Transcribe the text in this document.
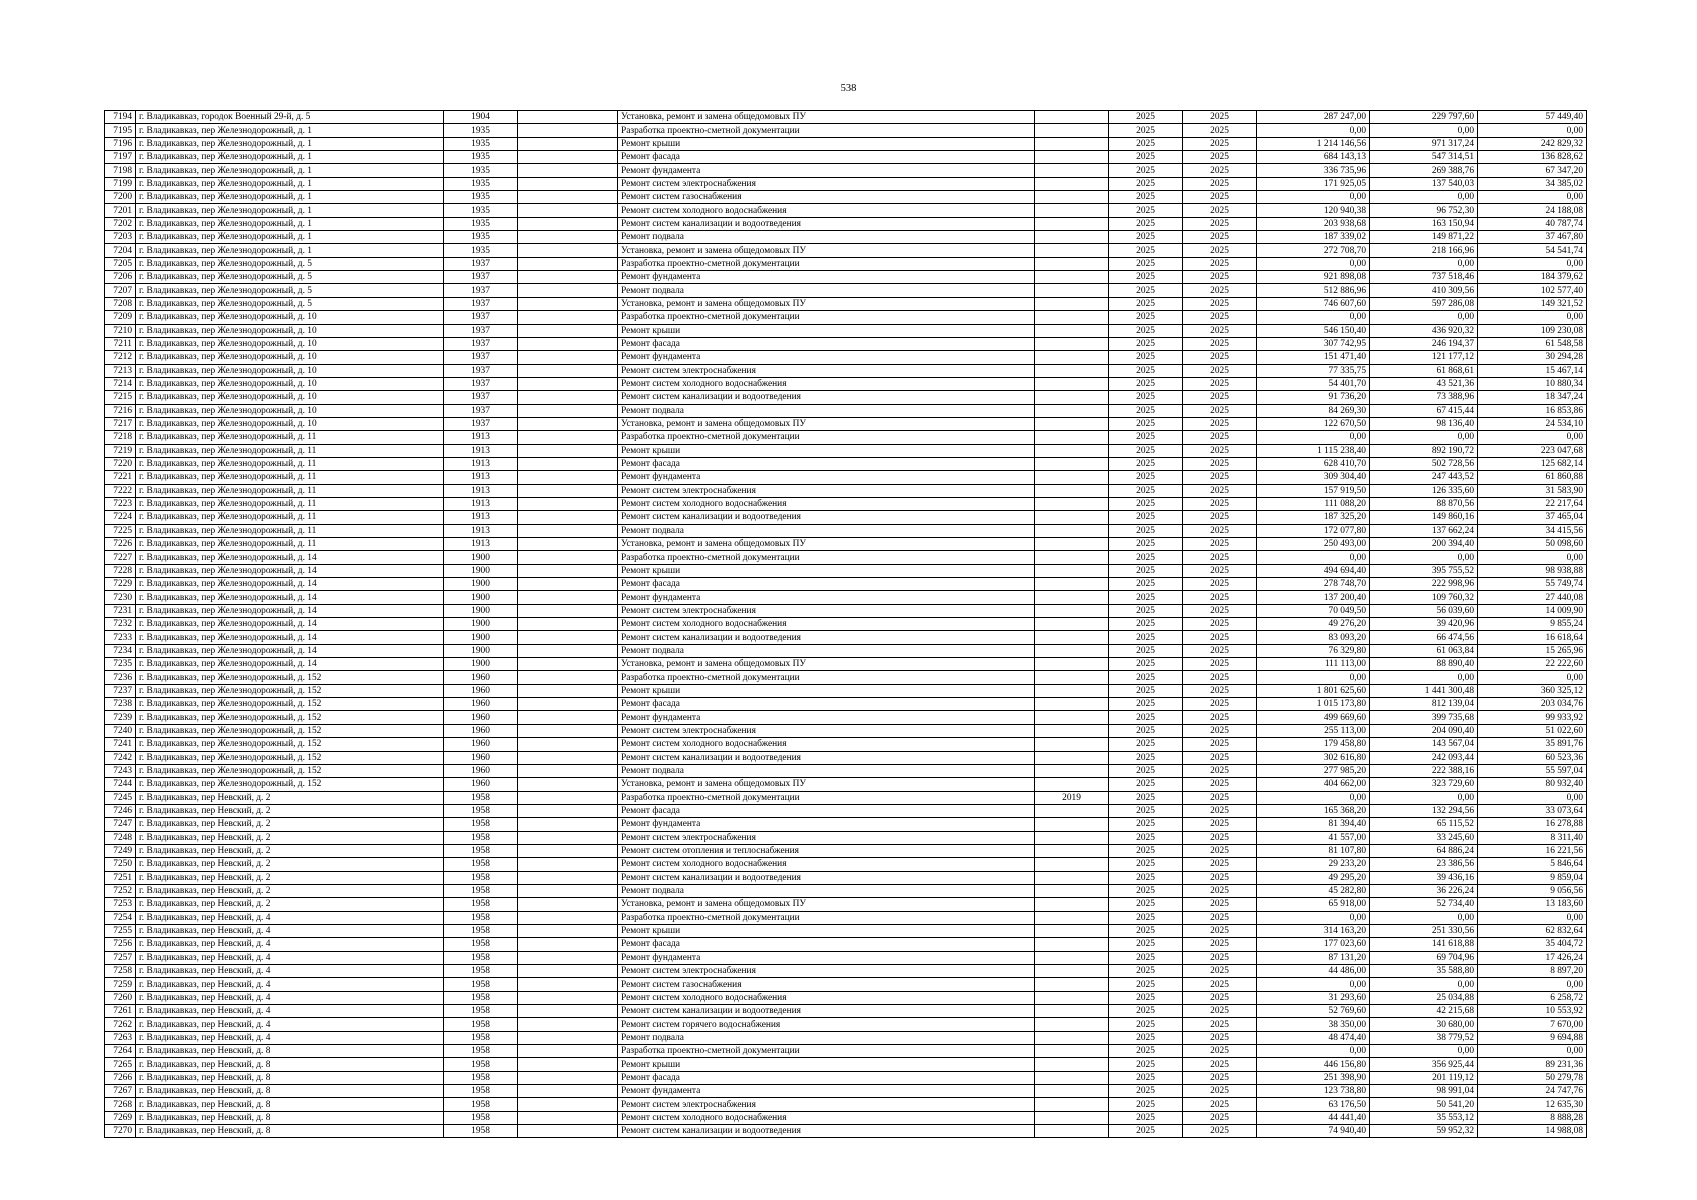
538
7194	г. Владикавказ, городок Военный 29-й, д. 5	1904		Установка, ремонт и замена общедомовых ПУ		2025	2025	287 247,00	229 797,60	57 449,40
7195	г. Владикавказ, пер Железнодорожный, д. 1	1935		Разработка проектно-сметной документации		2025	2025	0,00	0,00	0,00
7196	г. Владикавказ, пер Железнодорожный, д. 1	1935		Ремонт крыши		2025	2025	1 214 146,56	971 317,24	242 829,32
7197	г. Владикавказ, пер Железнодорожный, д. 1	1935		Ремонт фасада		2025	2025	684 143,13	547 314,51	136 828,62
7198	г. Владикавказ, пер Железнодорожный, д. 1	1935		Ремонт фундамента		2025	2025	336 735,96	269 388,76	67 347,20
7199	г. Владикавказ, пер Железнодорожный, д. 1	1935		Ремонт систем электроснабжения		2025	2025	171 925,05	137 540,03	34 385,02
7200	г. Владикавказ, пер Железнодорожный, д. 1	1935		Ремонт систем газоснабжения		2025	2025	0,00	0,00	0,00
7201	г. Владикавказ, пер Железнодорожный, д. 1	1935		Ремонт систем холодного водоснабжения		2025	2025	120 940,38	96 752,30	24 188,08
7202	г. Владикавказ, пер Железнодорожный, д. 1	1935		Ремонт систем канализации и водоотведения		2025	2025	203 938,68	163 150,94	40 787,74
7203	г. Владикавказ, пер Железнодорожный, д. 1	1935		Ремонт подвала		2025	2025	187 339,02	149 871,22	37 467,80
7204	г. Владикавказ, пер Железнодорожный, д. 1	1935		Установка, ремонт и замена общедомовых ПУ		2025	2025	272 708,70	218 166,96	54 541,74
7205	г. Владикавказ, пер Железнодорожный, д. 5	1937		Разработка проектно-сметной документации		2025	2025	0,00	0,00	0,00
7206	г. Владикавказ, пер Железнодорожный, д. 5	1937		Ремонт фундамента		2025	2025	921 898,08	737 518,46	184 379,62
7207	г. Владикавказ, пер Железнодорожный, д. 5	1937		Ремонт подвала		2025	2025	512 886,96	410 309,56	102 577,40
7208	г. Владикавказ, пер Железнодорожный, д. 5	1937		Установка, ремонт и замена общедомовых ПУ		2025	2025	746 607,60	597 286,08	149 321,52
7209	г. Владикавказ, пер Железнодорожный, д. 10	1937		Разработка проектно-сметной документации		2025	2025	0,00	0,00	0,00
7210	г. Владикавказ, пер Железнодорожный, д. 10	1937		Ремонт крыши		2025	2025	546 150,40	436 920,32	109 230,08
7211	г. Владикавказ, пер Железнодорожный, д. 10	1937		Ремонт фасада		2025	2025	307 742,95	246 194,37	61 548,58
7212	г. Владикавказ, пер Железнодорожный, д. 10	1937		Ремонт фундамента		2025	2025	151 471,40	121 177,12	30 294,28
7213	г. Владикавказ, пер Железнодорожный, д. 10	1937		Ремонт систем электроснабжения		2025	2025	77 335,75	61 868,61	15 467,14
7214	г. Владикавказ, пер Железнодорожный, д. 10	1937		Ремонт систем холодного водоснабжения		2025	2025	54 401,70	43 521,36	10 880,34
7215	г. Владикавказ, пер Железнодорожный, д. 10	1937		Ремонт систем канализации и водоотведения		2025	2025	91 736,20	73 388,96	18 347,24
7216	г. Владикавказ, пер Железнодорожный, д. 10	1937		Ремонт подвала		2025	2025	84 269,30	67 415,44	16 853,86
7217	г. Владикавказ, пер Железнодорожный, д. 10	1937		Установка, ремонт и замена общедомовых ПУ		2025	2025	122 670,50	98 136,40	24 534,10
7218	г. Владикавказ, пер Железнодорожный, д. 11	1913		Разработка проектно-сметной документации		2025	2025	0,00	0,00	0,00
7219	г. Владикавказ, пер Железнодорожный, д. 11	1913		Ремонт крыши		2025	2025	1 115 238,40	892 190,72	223 047,68
7220	г. Владикавказ, пер Железнодорожный, д. 11	1913		Ремонт фасада		2025	2025	628 410,70	502 728,56	125 682,14
7221	г. Владикавказ, пер Железнодорожный, д. 11	1913		Ремонт фундамента		2025	2025	309 304,40	247 443,52	61 860,88
7222	г. Владикавказ, пер Железнодорожный, д. 11	1913		Ремонт систем электроснабжения		2025	2025	157 919,50	126 335,60	31 583,90
7223	г. Владикавказ, пер Железнодорожный, д. 11	1913		Ремонт систем холодного водоснабжения		2025	2025	111 088,20	88 870,56	22 217,64
7224	г. Владикавказ, пер Железнодорожный, д. 11	1913		Ремонт систем канализации и водоотведения		2025	2025	187 325,20	149 860,16	37 465,04
7225	г. Владикавказ, пер Железнодорожный, д. 11	1913		Ремонт подвала		2025	2025	172 077,80	137 662,24	34 415,56
7226	г. Владикавказ, пер Железнодорожный, д. 11	1913		Установка, ремонт и замена общедомовых ПУ		2025	2025	250 493,00	200 394,40	50 098,60
7227	г. Владикавказ, пер Железнодорожный, д. 14	1900		Разработка проектно-сметной документации		2025	2025	0,00	0,00	0,00
7228	г. Владикавказ, пер Железнодорожный, д. 14	1900		Ремонт крыши		2025	2025	494 694,40	395 755,52	98 938,88
7229	г. Владикавказ, пер Железнодорожный, д. 14	1900		Ремонт фасада		2025	2025	278 748,70	222 998,96	55 749,74
7230	г. Владикавказ, пер Железнодорожный, д. 14	1900		Ремонт фундамента		2025	2025	137 200,40	109 760,32	27 440,08
7231	г. Владикавказ, пер Железнодорожный, д. 14	1900		Ремонт систем электроснабжения		2025	2025	70 049,50	56 039,60	14 009,90
7232	г. Владикавказ, пер Железнодорожный, д. 14	1900		Ремонт систем холодного водоснабжения		2025	2025	49 276,20	39 420,96	9 855,24
7233	г. Владикавказ, пер Железнодорожный, д. 14	1900		Ремонт систем канализации и водоотведения		2025	2025	83 093,20	66 474,56	16 618,64
7234	г. Владикавказ, пер Железнодорожный, д. 14	1900		Ремонт подвала		2025	2025	76 329,80	61 063,84	15 265,96
7235	г. Владикавказ, пер Железнодорожный, д. 14	1900		Установка, ремонт и замена общедомовых ПУ		2025	2025	111 113,00	88 890,40	22 222,60
7236	г. Владикавказ, пер Железнодорожный, д. 152	1960		Разработка проектно-сметной документации		2025	2025	0,00	0,00	0,00
7237	г. Владикавказ, пер Железнодорожный, д. 152	1960		Ремонт крыши		2025	2025	1 801 625,60	1 441 300,48	360 325,12
7238	г. Владикавказ, пер Железнодорожный, д. 152	1960		Ремонт фасада		2025	2025	1 015 173,80	812 139,04	203 034,76
7239	г. Владикавказ, пер Железнодорожный, д. 152	1960		Ремонт фундамента		2025	2025	499 669,60	399 735,68	99 933,92
7240	г. Владикавказ, пер Железнодорожный, д. 152	1960		Ремонт систем электроснабжения		2025	2025	255 113,00	204 090,40	51 022,60
7241	г. Владикавказ, пер Железнодорожный, д. 152	1960		Ремонт систем холодного водоснабжения		2025	2025	179 458,80	143 567,04	35 891,76
7242	г. Владикавказ, пер Железнодорожный, д. 152	1960		Ремонт систем канализации и водоотведения		2025	2025	302 616,80	242 093,44	60 523,36
7243	г. Владикавказ, пер Железнодорожный, д. 152	1960		Ремонт подвала		2025	2025	277 985,20	222 388,16	55 597,04
7244	г. Владикавказ, пер Железнодорожный, д. 152	1960		Установка, ремонт и замена общедомовых ПУ		2025	2025	404 662,00	323 729,60	80 932,40
7245	г. Владикавказ, пер Невский, д. 2	1958		Разработка проектно-сметной документации	2019	2025	2025	0,00	0,00	0,00
7246	г. Владикавказ, пер Невский, д. 2	1958		Ремонт фасада		2025	2025	165 368,20	132 294,56	33 073,64
7247	г. Владикавказ, пер Невский, д. 2	1958		Ремонт фундамента		2025	2025	81 394,40	65 115,52	16 278,88
7248	г. Владикавказ, пер Невский, д. 2	1958		Ремонт систем электроснабжения		2025	2025	41 557,00	33 245,60	8 311,40
7249	г. Владикавказ, пер Невский, д. 2	1958		Ремонт систем отопления и теплоснабжения		2025	2025	81 107,80	64 886,24	16 221,56
7250	г. Владикавказ, пер Невский, д. 2	1958		Ремонт систем холодного водоснабжения		2025	2025	29 233,20	23 386,56	5 846,64
7251	г. Владикавказ, пер Невский, д. 2	1958		Ремонт систем канализации и водоотведения		2025	2025	49 295,20	39 436,16	9 859,04
7252	г. Владикавказ, пер Невский, д. 2	1958		Ремонт подвала		2025	2025	45 282,80	36 226,24	9 056,56
7253	г. Владикавказ, пер Невский, д. 2	1958		Установка, ремонт и замена общедомовых ПУ		2025	2025	65 918,00	52 734,40	13 183,60
7254	г. Владикавказ, пер Невский, д. 4	1958		Разработка проектно-сметной документации		2025	2025	0,00	0,00	0,00
7255	г. Владикавказ, пер Невский, д. 4	1958		Ремонт крыши		2025	2025	314 163,20	251 330,56	62 832,64
7256	г. Владикавказ, пер Невский, д. 4	1958		Ремонт фасада		2025	2025	177 023,60	141 618,88	35 404,72
7257	г. Владикавказ, пер Невский, д. 4	1958		Ремонт фундамента		2025	2025	87 131,20	69 704,96	17 426,24
7258	г. Владикавказ, пер Невский, д. 4	1958		Ремонт систем электроснабжения		2025	2025	44 486,00	35 588,80	8 897,20
7259	г. Владикавказ, пер Невский, д. 4	1958		Ремонт систем газоснабжения		2025	2025	0,00	0,00	0,00
7260	г. Владикавказ, пер Невский, д. 4	1958		Ремонт систем холодного водоснабжения		2025	2025	31 293,60	25 034,88	6 258,72
7261	г. Владикавказ, пер Невский, д. 4	1958		Ремонт систем канализации и водоотведения		2025	2025	52 769,60	42 215,68	10 553,92
7262	г. Владикавказ, пер Невский, д. 4	1958		Ремонт систем горячего водоснабжения		2025	2025	38 350,00	30 680,00	7 670,00
7263	г. Владикавказ, пер Невский, д. 4	1958		Ремонт подвала		2025	2025	48 474,40	38 779,52	9 694,88
7264	г. Владикавказ, пер Невский, д. 8	1958		Разработка проектно-сметной документации		2025	2025	0,00	0,00	0,00
7265	г. Владикавказ, пер Невский, д. 8	1958		Ремонт крыши		2025	2025	446 156,80	356 925,44	89 231,36
7266	г. Владикавказ, пер Невский, д. 8	1958		Ремонт фасада		2025	2025	251 398,90	201 119,12	50 279,78
7267	г. Владикавказ, пер Невский, д. 8	1958		Ремонт фундамента		2025	2025	123 738,80	98 991,04	24 747,76
7268	г. Владикавказ, пер Невский, д. 8	1958		Ремонт систем электроснабжения		2025	2025	63 176,50	50 541,20	12 635,30
7269	г. Владикавказ, пер Невский, д. 8	1958		Ремонт систем холодного водоснабжения		2025	2025	44 441,40	35 553,12	8 888,28
7270	г. Владикавказ, пер Невский, д. 8	1958		Ремонт систем канализации и водоотведения		2025	2025	74 940,40	59 952,32	14 988,08
